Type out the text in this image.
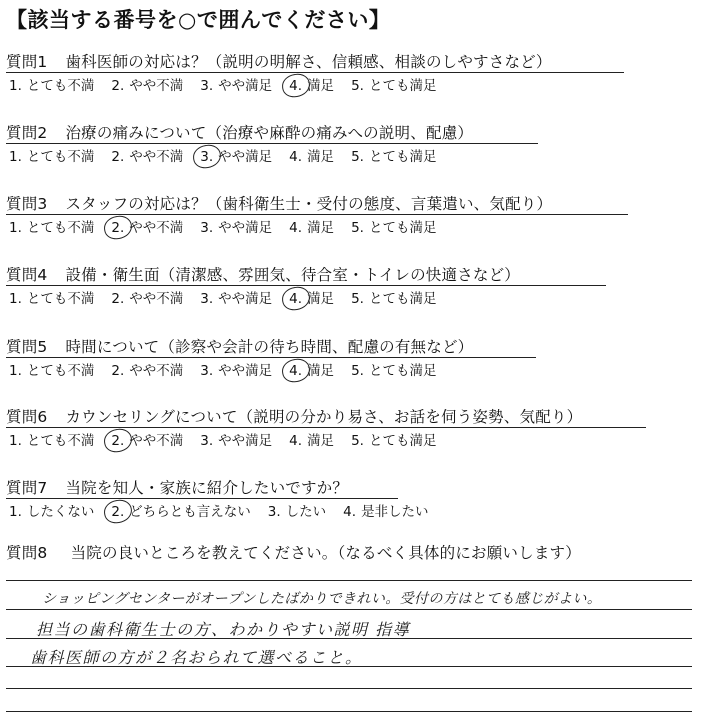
【該当する番号を○で囲んでください】
質問1 歯科医師の対応は？（説明の明解さ、信頼感、相談のしやすさなど）
1. とても不満 2. やや不満 3. やや満足 4. 満足 5. とても満足
質問2 治療の痛みについて（治療や麻酔の痛みへの説明、配慮）
1. とても不満 2. やや不満 3. やや満足 4. 満足 5. とても満足
質問3 スタッフの対応は？（歯科衛生士・受付の態度、言葉遣い、気配り）
1. とても不満 2. やや不満 3. やや満足 4. 満足 5. とても満足
質問4 設備・衛生面（清潔感、雰囲気、待合室・トイレの快適さなど）
1. とても不満 2. やや不満 3. やや満足 4. 満足 5. とても満足
質問5 時間について（診察や会計の待ち時間、配慮の有無など）
1. とても不満 2. やや不満 3. やや満足 4. 満足 5. とても満足
質問6 カウンセリングについて（説明の分かり易さ、お話を伺う姿勢、気配り）
1. とても不満 2. やや不満 3. やや満足 4. 満足 5. とても満足
質問7 当院を知人・家族に紹介したいですか？
1. したくない 2. どちらとも言えない 3. したい 4. 是非したい
質問8 当院の良いところを教えてください。（なるべく具体的にお願いします）
ショッピングセンターがオープンしたばかりできれい。受付の方はとても感じがよい。
担当の歯科衛生士の方、わかりやすい説明 指導
歯科医師の方が２名おられて選べること。
